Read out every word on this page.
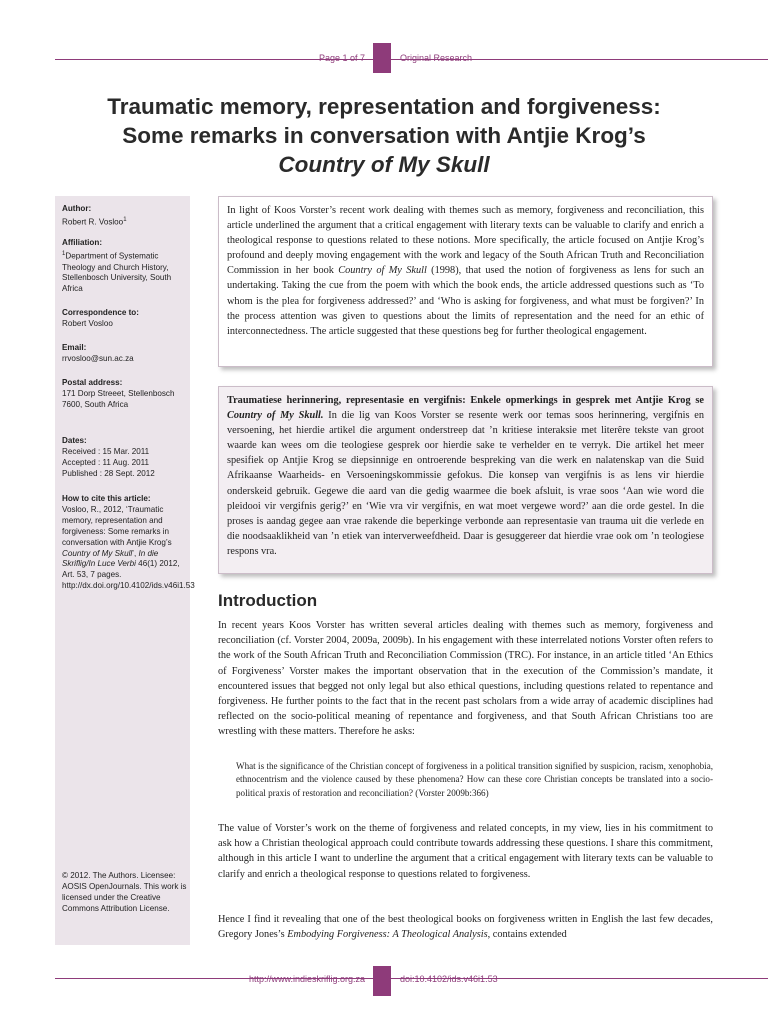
Page 1 of 7	Original Research
Traumatic memory, representation and forgiveness:
Some remarks in conversation with Antjie Krog’s
Country of My Skull
Author:
Robert R. Vosloo$^1$
Affiliation:
$^1$Department of Systematic Theology and Church History, Stellenbosch University, South Africa
Correspondence to:
Robert Vosloo
Email:
rrvosloo@sun.ac.za
Postal address:
171 Dorp Streeet, Stellenbosch 7600, South Africa
Dates:
Received : 15 Mar. 2011
Accepted : 11 Aug. 2011
Published : 28 Sept. 2012
How to cite this article:
Vosloo, R., 2012, ‘Traumatic memory, representation and forgiveness: Some remarks in conversation with Antjie Krog’s Country of My Skull’, In die Skriflig/In Luce Verbi 46(1) 2012, Art. 53, 7 pages. http://dx.doi.org/10.4102/ids.v46i1.53
© 2012. The Authors. Licensee: AOSIS OpenJournals. This work is licensed under the Creative Commons Attribution License.
In light of Koos Vorster’s recent work dealing with themes such as memory, forgiveness and reconciliation, this article underlined the argument that a critical engagement with literary texts can be valuable to clarify and enrich a theological response to questions related to these notions. More specifically, the article focused on Antjie Krog’s profound and deeply moving engagement with the work and legacy of the South African Truth and Reconciliation Commission in her book Country of My Skull (1998), that used the notion of forgiveness as lens for such an undertaking. Taking the cue from the poem with which the book ends, the article addressed questions such as ‘To whom is the plea for forgiveness addressed?’ and ‘Who is asking for forgiveness, and what must be forgiven?’ In the process attention was given to questions about the limits of representation and the need for an ethic of interconnectedness. The article suggested that these questions beg for further theological engagement.
Traumatiese herinnering, representasie en vergifnis: Enkele opmerkings in gesprek met Antjie Krog se Country of My Skull. In die lig van Koos Vorster se resente werk oor temas soos herinnering, vergifnis en versoening, het hierdie artikel die argument onderstreep dat ’n kritiese interaksie met literêre tekste van groot waarde kan wees om die teologiese gesprek oor hierdie sake te verhelder en te verryk. Die artikel het meer spesifiek op Antjie Krog se diepsinnige en ontroerende bespreking van die werk en nalatenskap van die Suid Afrikaanse Waarheids- en Versoeningskommissie gefokus. Die konsep van vergifnis is as lens vir hierdie onderskeid gebruik. Gegewe die aard van die gedig waarmee die boek afsluit, is vrae soos ‘Aan wie word die pleidooi vir vergifnis gerig?’ en ‘Wie vra vir vergifnis, en wat moet vergewe word?’ aan die orde gestel. In die proses is aandag gegee aan vrae rakende die beperkinge verbonde aan representasie van trauma uit die verlede en die noodsaaklikheid van ’n etiek van interverweefdheid. Daar is gesuggereer dat hierdie vrae ook om ’n teologiese respons vra.
Introduction
In recent years Koos Vorster has written several articles dealing with themes such as memory, forgiveness and reconciliation (cf. Vorster 2004, 2009a, 2009b). In his engagement with these interrelated notions Vorster often refers to the work of the South African Truth and Reconciliation Commission (TRC). For instance, in an article titled ‘An Ethics of Forgiveness’ Vorster makes the important observation that in the execution of the Commission’s mandate, it encountered issues that begged not only legal but also ethical questions, including questions related to repentance and forgiveness. He further points to the fact that in the recent past scholars from a wide array of academic disciplines had reflected on the socio-political meaning of repentance and forgiveness, and that South African Christians too are wrestling with these matters. Therefore he asks:
What is the significance of the Christian concept of forgiveness in a political transition signified by suspicion, racism, xenophobia, ethnocentrism and the violence caused by these phenomena? How can these core Christian concepts be translated into a socio-political praxis of restoration and reconciliation? (Vorster 2009b:366)
The value of Vorster’s work on the theme of forgiveness and related concepts, in my view, lies in his commitment to ask how a Christian theological approach could contribute towards addressing these questions. I share this commitment, although in this article I want to underline the argument that a critical engagement with literary texts can be valuable to clarify and enrich a theological response to questions related to forgiveness.
Hence I find it revealing that one of the best theological books on forgiveness written in English the last few decades, Gregory Jones’s Embodying Forgiveness: A Theological Analysis, contains extended
http://www.indieskriflig.org.za	doi:10.4102/ids.v46i1.53
